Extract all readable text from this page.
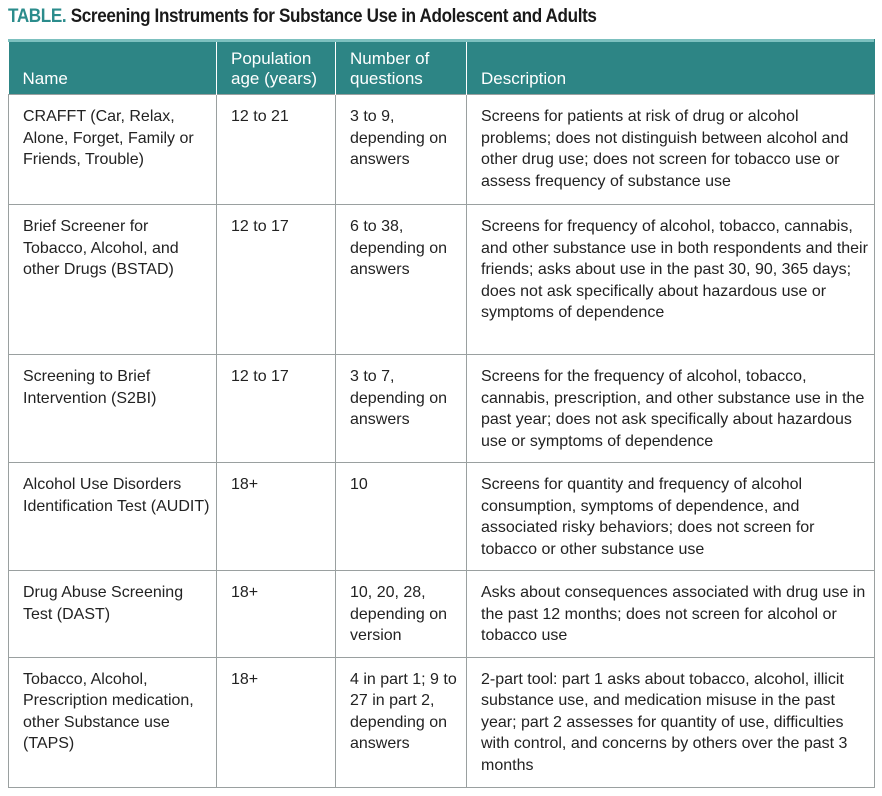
TABLE. Screening Instruments for Substance Use in Adolescent and Adults
Name	Population age (years)	Number of questions	Description
CRAFFT (Car, Relax, Alone, Forget, Family or Friends, Trouble)	12 to 21	3 to 9, depending on answers	Screens for patients at risk of drug or alcohol problems; does not distinguish between alcohol and other drug use; does not screen for tobacco use or assess frequency of substance use
Brief Screener for Tobacco, Alcohol, and other Drugs (BSTAD)	12 to 17	6 to 38, depending on answers	Screens for frequency of alcohol, tobacco, cannabis, and other substance use in both respondents and their friends; asks about use in the past 30, 90, 365 days; does not ask specifically about hazardous use or symptoms of dependence
Screening to Brief Intervention (S2BI)	12 to 17	3 to 7, depending on answers	Screens for the frequency of alcohol, tobacco, cannabis, prescription, and other substance use in the past year; does not ask specifically about hazardous use or symptoms of dependence
Alcohol Use Disorders Identification Test (AUDIT)	18+	10	Screens for quantity and frequency of alcohol consumption, symptoms of dependence, and associated risky behaviors; does not screen for tobacco or other substance use
Drug Abuse Screening Test (DAST)	18+	10, 20, 28, depending on version	Asks about consequences associated with drug use in the past 12 months; does not screen for alcohol or tobacco use
Tobacco, Alcohol, Prescription medication, other Substance use (TAPS)	18+	4 in part 1; 9 to 27 in part 2, depending on answers	2-part tool: part 1 asks about tobacco, alcohol, illicit substance use, and medication misuse in the past year; part 2 assesses for quantity of use, difficulties with control, and concerns by others over the past 3 months
